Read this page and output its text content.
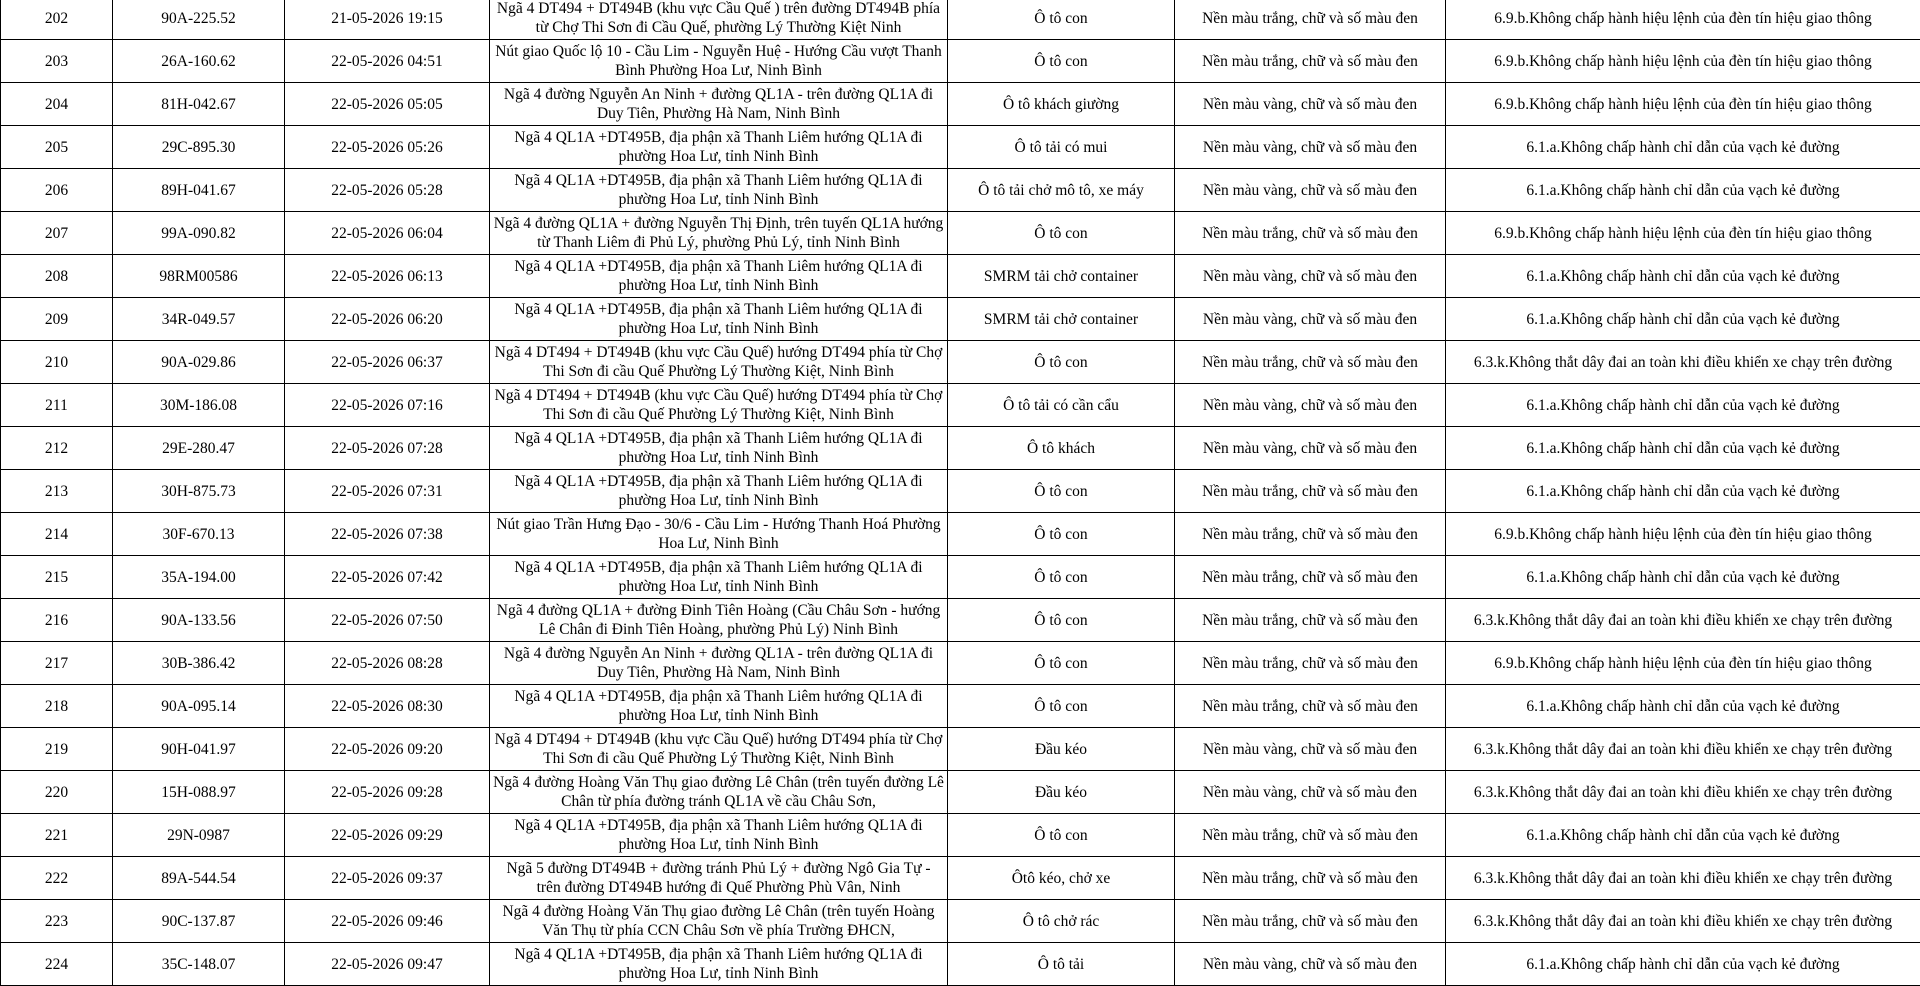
202	90A-225.52	21-05-2026 19:15	Ngã 4 DT494 + DT494B (khu vực Cầu Quế ) trên đường DT494B phía từ Chợ Thi Sơn đi Cầu Quế, phường Lý Thường Kiệt Ninh	Ô tô con	Nền màu trắng, chữ và số màu đen	6.9.b.Không chấp hành hiệu lệnh của đèn tín hiệu giao thông
203	26A-160.62	22-05-2026 04:51	Nút giao Quốc lộ 10 - Cầu Lim - Nguyễn Huệ - Hướng Cầu vượt Thanh Bình Phường Hoa Lư, Ninh Bình	Ô tô con	Nền màu trắng, chữ và số màu đen	6.9.b.Không chấp hành hiệu lệnh của đèn tín hiệu giao thông
204	81H-042.67	22-05-2026 05:05	Ngã 4 đường Nguyễn An Ninh + đường QL1A - trên đường QL1A đi Duy Tiên, Phường Hà Nam, Ninh Bình	Ô tô khách giường	Nền màu vàng, chữ và số màu đen	6.9.b.Không chấp hành hiệu lệnh của đèn tín hiệu giao thông
205	29C-895.30	22-05-2026 05:26	Ngã 4 QL1A +DT495B, địa phận xã Thanh Liêm hướng QL1A đi phường Hoa Lư, tỉnh Ninh Bình	Ô tô tải có mui	Nền màu vàng, chữ và số màu đen	6.1.a.Không chấp hành chỉ dẫn của vạch kẻ đường
206	89H-041.67	22-05-2026 05:28	Ngã 4 QL1A +DT495B, địa phận xã Thanh Liêm hướng QL1A đi phường Hoa Lư, tỉnh Ninh Bình	Ô tô tải chở mô tô, xe máy	Nền màu vàng, chữ và số màu đen	6.1.a.Không chấp hành chỉ dẫn của vạch kẻ đường
207	99A-090.82	22-05-2026 06:04	Ngã 4 đường QL1A + đường Nguyễn Thị Định, trên tuyến QL1A hướng từ Thanh Liêm đi Phủ Lý, phường Phủ Lý, tỉnh Ninh Bình	Ô tô con	Nền màu trắng, chữ và số màu đen	6.9.b.Không chấp hành hiệu lệnh của đèn tín hiệu giao thông
208	98RM00586	22-05-2026 06:13	Ngã 4 QL1A +DT495B, địa phận xã Thanh Liêm hướng QL1A đi phường Hoa Lư, tỉnh Ninh Bình	SMRM tải chở container	Nền màu vàng, chữ và số màu đen	6.1.a.Không chấp hành chỉ dẫn của vạch kẻ đường
209	34R-049.57	22-05-2026 06:20	Ngã 4 QL1A +DT495B, địa phận xã Thanh Liêm hướng QL1A đi phường Hoa Lư, tỉnh Ninh Bình	SMRM tải chở container	Nền màu vàng, chữ và số màu đen	6.1.a.Không chấp hành chỉ dẫn của vạch kẻ đường
210	90A-029.86	22-05-2026 06:37	Ngã 4 DT494 + DT494B (khu vực Cầu Quế) hướng DT494 phía từ Chợ Thi Sơn đi cầu Quế Phường Lý Thường Kiệt, Ninh Bình	Ô tô con	Nền màu trắng, chữ và số màu đen	6.3.k.Không thắt dây đai an toàn khi điều khiển xe chạy trên đường
211	30M-186.08	22-05-2026 07:16	Ngã 4 DT494 + DT494B (khu vực Cầu Quế) hướng DT494 phía từ Chợ Thi Sơn đi cầu Quế Phường Lý Thường Kiệt, Ninh Bình	Ô tô tải có cần cẩu	Nền màu vàng, chữ và số màu đen	6.1.a.Không chấp hành chỉ dẫn của vạch kẻ đường
212	29E-280.47	22-05-2026 07:28	Ngã 4 QL1A +DT495B, địa phận xã Thanh Liêm hướng QL1A đi phường Hoa Lư, tỉnh Ninh Bình	Ô tô khách	Nền màu vàng, chữ và số màu đen	6.1.a.Không chấp hành chỉ dẫn của vạch kẻ đường
213	30H-875.73	22-05-2026 07:31	Ngã 4 QL1A +DT495B, địa phận xã Thanh Liêm hướng QL1A đi phường Hoa Lư, tỉnh Ninh Bình	Ô tô con	Nền màu trắng, chữ và số màu đen	6.1.a.Không chấp hành chỉ dẫn của vạch kẻ đường
214	30F-670.13	22-05-2026 07:38	Nút giao Trần Hưng Đạo - 30/6 - Cầu Lim - Hướng Thanh Hoá Phường Hoa Lư, Ninh Bình	Ô tô con	Nền màu trắng, chữ và số màu đen	6.9.b.Không chấp hành hiệu lệnh của đèn tín hiệu giao thông
215	35A-194.00	22-05-2026 07:42	Ngã 4 QL1A +DT495B, địa phận xã Thanh Liêm hướng QL1A đi phường Hoa Lư, tỉnh Ninh Bình	Ô tô con	Nền màu trắng, chữ và số màu đen	6.1.a.Không chấp hành chỉ dẫn của vạch kẻ đường
216	90A-133.56	22-05-2026 07:50	Ngã 4 đường QL1A + đường Đinh Tiên Hoàng (Cầu Châu Sơn - hướng Lê Chân đi Đinh Tiên Hoàng, phường Phủ Lý) Ninh Bình	Ô tô con	Nền màu trắng, chữ và số màu đen	6.3.k.Không thắt dây đai an toàn khi điều khiển xe chạy trên đường
217	30B-386.42	22-05-2026 08:28	Ngã 4 đường Nguyễn An Ninh + đường QL1A - trên đường QL1A đi Duy Tiên, Phường Hà Nam, Ninh Bình	Ô tô con	Nền màu trắng, chữ và số màu đen	6.9.b.Không chấp hành hiệu lệnh của đèn tín hiệu giao thông
218	90A-095.14	22-05-2026 08:30	Ngã 4 QL1A +DT495B, địa phận xã Thanh Liêm hướng QL1A đi phường Hoa Lư, tỉnh Ninh Bình	Ô tô con	Nền màu trắng, chữ và số màu đen	6.1.a.Không chấp hành chỉ dẫn của vạch kẻ đường
219	90H-041.97	22-05-2026 09:20	Ngã 4 DT494 + DT494B (khu vực Cầu Quế) hướng DT494 phía từ Chợ Thi Sơn đi cầu Quế Phường Lý Thường Kiệt, Ninh Bình	Đầu kéo	Nền màu vàng, chữ và số màu đen	6.3.k.Không thắt dây đai an toàn khi điều khiển xe chạy trên đường
220	15H-088.97	22-05-2026 09:28	Ngã 4 đường Hoàng Văn Thụ giao đường Lê Chân (trên tuyến đường Lê Chân từ phía đường tránh QL1A về cầu Châu Sơn,	Đầu kéo	Nền màu vàng, chữ và số màu đen	6.3.k.Không thắt dây đai an toàn khi điều khiển xe chạy trên đường
221	29N-0987	22-05-2026 09:29	Ngã 4 QL1A +DT495B, địa phận xã Thanh Liêm hướng QL1A đi phường Hoa Lư, tỉnh Ninh Bình	Ô tô con	Nền màu trắng, chữ và số màu đen	6.1.a.Không chấp hành chỉ dẫn của vạch kẻ đường
222	89A-544.54	22-05-2026 09:37	Ngã 5 đường DT494B + đường tránh Phủ Lý + đường Ngô Gia Tự - trên đường DT494B hướng đi Quế Phường Phù Vân, Ninh	Ôtô kéo, chở xe	Nền màu trắng, chữ và số màu đen	6.3.k.Không thắt dây đai an toàn khi điều khiển xe chạy trên đường
223	90C-137.87	22-05-2026 09:46	Ngã 4 đường Hoàng Văn Thụ giao đường Lê Chân (trên tuyến Hoàng Văn Thụ từ phía CCN Châu Sơn về phía Trường ĐHCN,	Ô tô chở rác	Nền màu trắng, chữ và số màu đen	6.3.k.Không thắt dây đai an toàn khi điều khiển xe chạy trên đường
224	35C-148.07	22-05-2026 09:47	Ngã 4 QL1A +DT495B, địa phận xã Thanh Liêm hướng QL1A đi phường Hoa Lư, tỉnh Ninh Bình	Ô tô tải	Nền màu vàng, chữ và số màu đen	6.1.a.Không chấp hành chỉ dẫn của vạch kẻ đường
